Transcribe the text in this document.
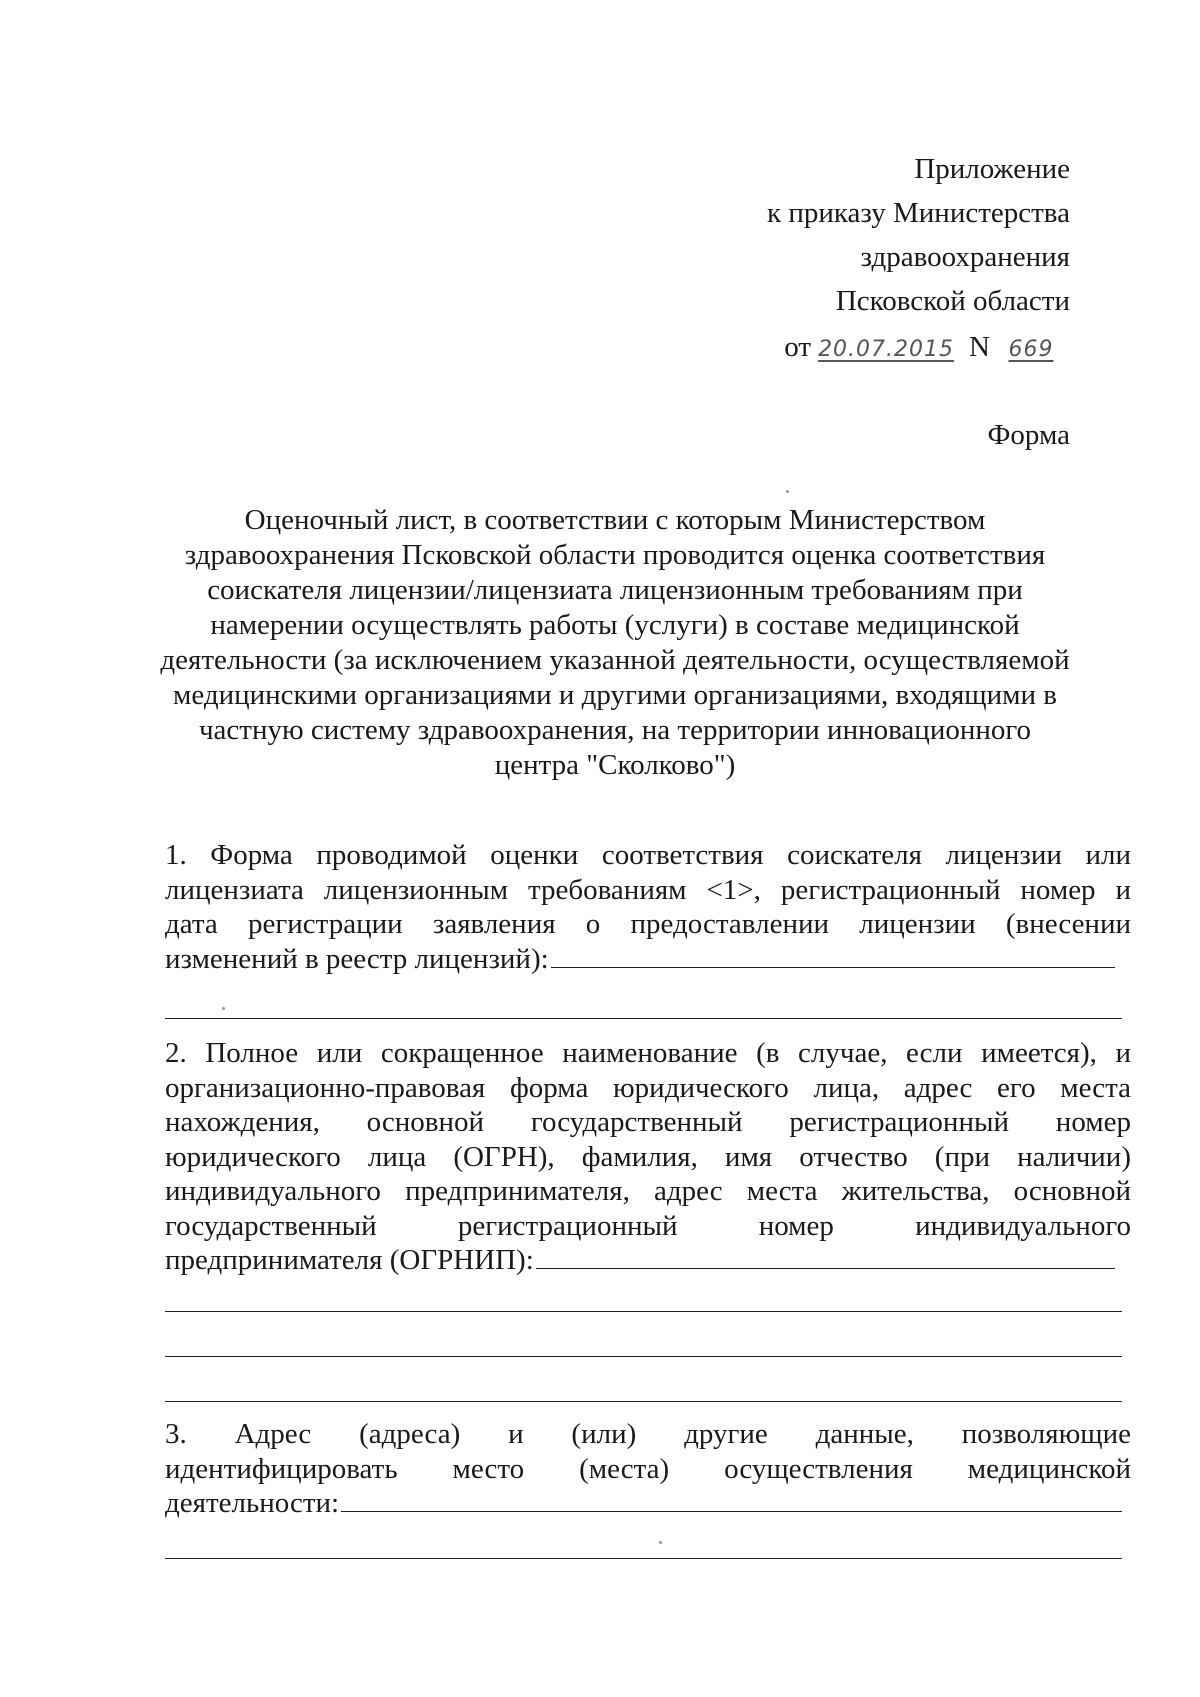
Приложение
к приказу Министерства
здравоохранения
Псковской области
от 20.07.2015 N 669
Форма
Оценочный лист, в соответствии с которым Министерством
здравоохранения Псковской области проводится оценка соответствия
соискателя лицензии/лицензиата лицензионным требованиям при
намерении осуществлять работы (услуги) в составе медицинской
деятельности (за исключением указанной деятельности, осуществляемой
медицинскими организациями и другими организациями, входящими в
частную систему здравоохранения, на территории инновационного
центра "Сколково")
1. Форма проводимой оценки соответствия соискателя лицензии или
лицензиата лицензионным требованиям <1>, регистрационный номер и
дата регистрации заявления о предоставлении лицензии (внесении
изменений в реестр лицензий):
2. Полное или сокращенное наименование (в случае, если имеется), и
организационно-правовая форма юридического лица, адрес его места
нахождения, основной государственный регистрационный номер
юридического лица (ОГРН), фамилия, имя отчество (при наличии)
индивидуального предпринимателя, адрес места жительства, основной
государственный регистрационный номер индивидуального
предпринимателя (ОГРНИП):
3. Адрес (адреса) и (или) другие данные, позволяющие
идентифицировать место (места) осуществления медицинской
деятельности:
